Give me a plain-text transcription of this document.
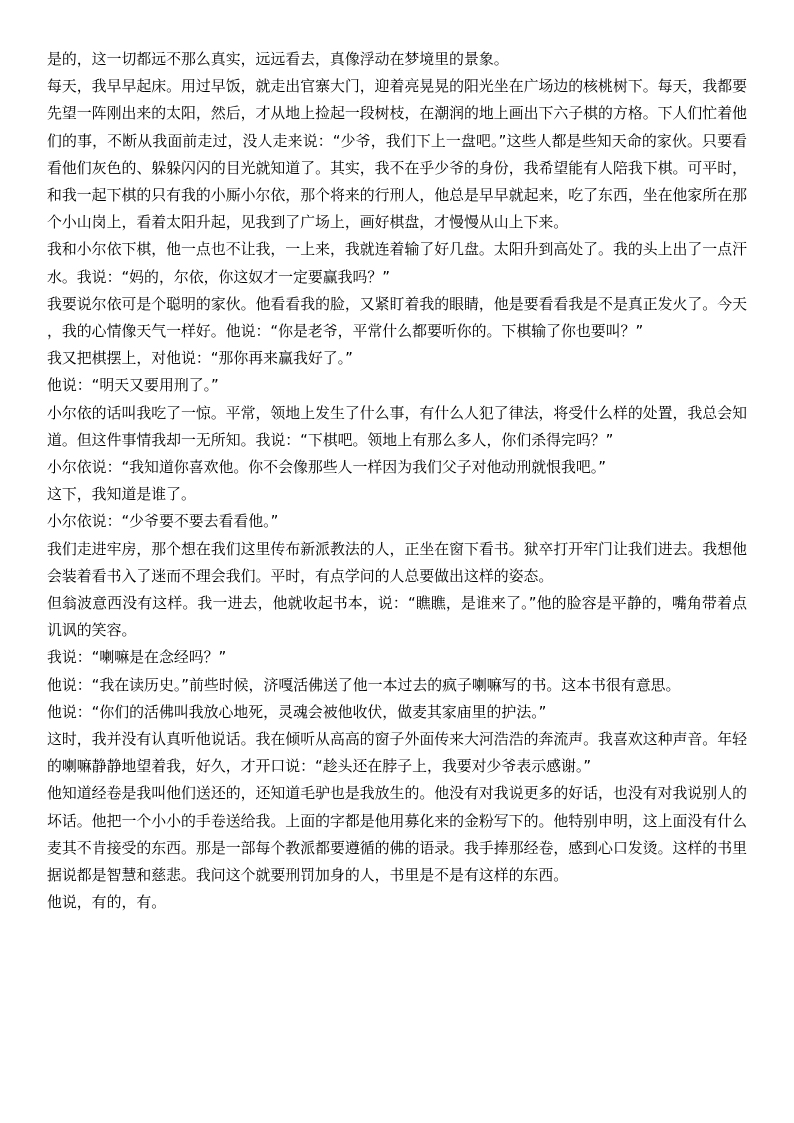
是的，这一切都远不那么真实，远远看去，真像浮动在梦境里的景象。

每天，我早早起床。用过早饭，就走出官寨大门，迎着亮晃晃的阳光坐在广场边的核桃树下。每天，我都要先望一阵刚出来的太阳，然后，才从地上捡起一段树枝，在潮润的地上画出下六子棋的方格。下人们忙着他们的事，不断从我面前走过，没人走来说：“少爷，我们下上一盘吧。”这些人都是些知天命的家伙。只要看看他们灰色的、躲躲闪闪的目光就知道了。其实，我不在乎少爷的身份，我希望能有人陪我下棋。可平时，和我一起下棋的只有我的小厮小尔依，那个将来的行刑人，他总是早早就起来，吃了东西，坐在他家所在那个小山岗上，看着太阳升起，见我到了广场上，画好棋盘，才慢慢从山上下来。

我和小尔依下棋，他一点也不让我，一上来，我就连着输了好几盘。太阳升到高处了。我的头上出了一点汗水。我说：“妈的，尔依，你这奴才一定要赢我吗？”

我要说尔依可是个聪明的家伙。他看看我的脸，又紧盯着我的眼睛，他是要看看我是不是真正发火了。今天，我的心情像天气一样好。他说：“你是老爷，平常什么都要听你的。下棋输了你也要叫？”

我又把棋摆上，对他说：“那你再来赢我好了。”

他说：“明天又要用刑了。”

小尔依的话叫我吃了一惊。平常，领地上发生了什么事，有什么人犯了律法，将受什么样的处置，我总会知道。但这件事情我却一无所知。我说：“下棋吧。领地上有那么多人，你们杀得完吗？”

小尔依说：“我知道你喜欢他。你不会像那些人一样因为我们父子对他动刑就恨我吧。”

这下，我知道是谁了。

小尔依说：“少爷要不要去看看他。”

我们走进牢房，那个想在我们这里传布新派教法的人，正坐在窗下看书。狱卒打开牢门让我们进去。我想他会装着看书入了迷而不理会我们。平时，有点学问的人总要做出这样的姿态。

但翁波意西没有这样。我一进去，他就收起书本，说：“瞧瞧，是谁来了。”他的脸容是平静的，嘴角带着点讥讽的笑容。

我说：“喇嘛是在念经吗？”

他说：“我在读历史。”前些时候，济嘎活佛送了他一本过去的疯子喇嘛写的书。这本书很有意思。

他说：“你们的活佛叫我放心地死，灵魂会被他收伏，做麦其家庙里的护法。”

这时，我并没有认真听他说话。我在倾听从高高的窗子外面传来大河浩浩的奔流声。我喜欢这种声音。年轻的喇嘛静静地望着我，好久，才开口说：“趁头还在脖子上，我要对少爷表示感谢。”

他知道经卷是我叫他们送还的，还知道毛驴也是我放生的。他没有对我说更多的好话，也没有对我说别人的坏话。他把一个小小的手卷送给我。上面的字都是他用募化来的金粉写下的。他特别申明，这上面没有什么麦其不肯接受的东西。那是一部每个教派都要遵循的佛的语录。我手捧那经卷，感到心口发烫。这样的书里据说都是智慧和慈悲。我问这个就要刑罚加身的人，书里是不是有这样的东西。

他说，有的，有。
